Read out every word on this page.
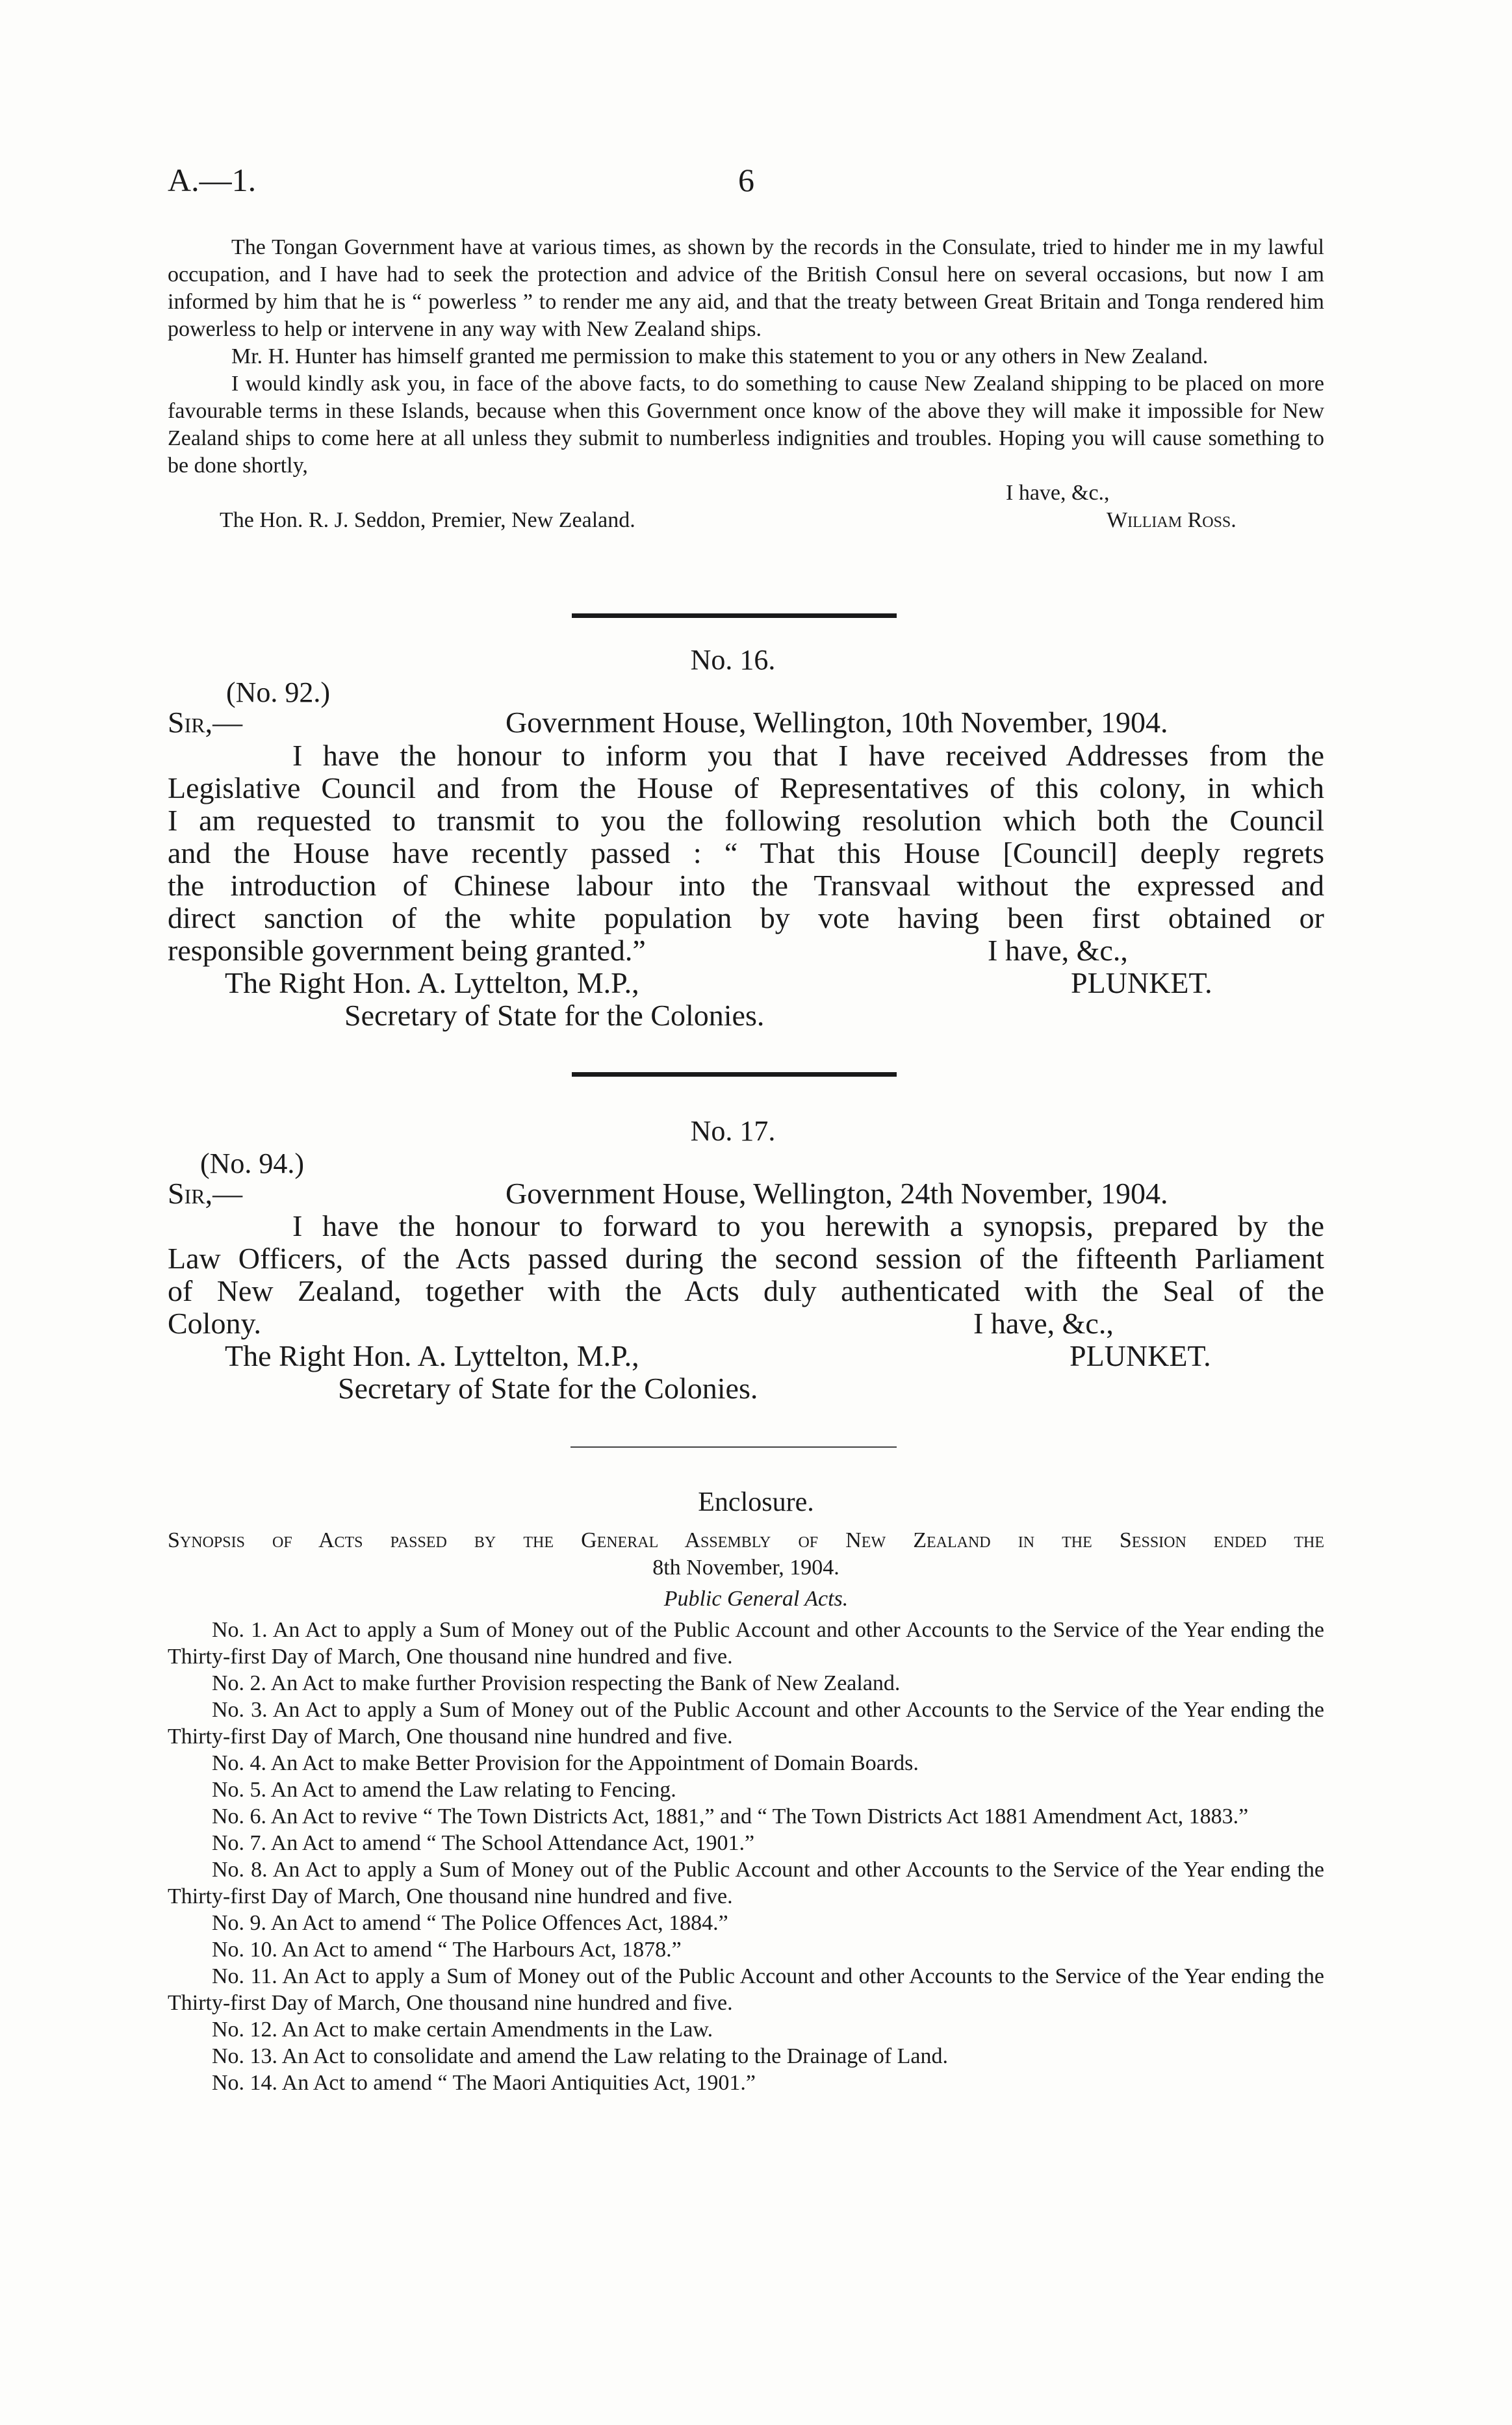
A.—1.	6

The Tongan Government have at various times, as shown by the records in the Consulate, tried to hinder me in my lawful occupation, and I have had to seek the protection and advice of the British Consul here on several occasions, but now I am informed by him that he is “ powerless ” to render me any aid, and that the treaty between Great Britain and Tonga rendered him powerless to help or intervene in any way with New Zealand ships.

Mr. H. Hunter has himself granted me permission to make this statement to you or any others in New Zealand.

I would kindly ask you, in face of the above facts, to do something to cause New Zealand shipping to be placed on more favourable terms in these Islands, because when this Government once know of the above they will make it impossible for New Zealand ships to come here at all unless they submit to numberless indignities and troubles. Hoping you will cause something to be done shortly,

I have, &c.,
The Hon. R. J. Seddon, Premier, New Zealand.	William Ross.
No. 16.
(No. 92.)
Sir,—	Government House, Wellington, 10th November, 1904.
I have the honour to inform you that I have received Addresses from the
Legislative Council and from the House of Representatives of this colony, in which
I am requested to transmit to you the following resolution which both the Council
and the House have recently passed : “ That this House [Council] deeply regrets
the introduction of Chinese labour into the Transvaal without the expressed and
direct sanction of the white population by vote having been first obtained or
responsible government being granted.”	I have, &c.,
The Right Hon. A. Lyttelton, M.P.,	PLUNKET.
Secretary of State for the Colonies.
No. 17.
(No. 94.)
Sir,—	Government House, Wellington, 24th November, 1904.
I have the honour to forward to you herewith a synopsis, prepared by the
Law Officers, of the Acts passed during the second session of the fifteenth Parliament
of New Zealand, together with the Acts duly authenticated with the Seal of the
Colony.	I have, &c.,
The Right Hon. A. Lyttelton, M.P.,	PLUNKET.
Secretary of State for the Colonies.
Enclosure.

Synopsis of Acts passed by the General Assembly of New Zealand in the Session ended the

8th November, 1904.

Public General Acts.

No. 1. An Act to apply a Sum of Money out of the Public Account and other Accounts to the Service of the Year ending the Thirty-first Day of March, One thousand nine hundred and five.

No. 2. An Act to make further Provision respecting the Bank of New Zealand.

No. 3. An Act to apply a Sum of Money out of the Public Account and other Accounts to the Service of the Year ending the Thirty-first Day of March, One thousand nine hundred and five.

No. 4. An Act to make Better Provision for the Appointment of Domain Boards.

No. 5. An Act to amend the Law relating to Fencing.

No. 6. An Act to revive “ The Town Districts Act, 1881,” and “ The Town Districts Act 1881 Amendment Act, 1883.”

No. 7. An Act to amend “ The School Attendance Act, 1901.”

No. 8. An Act to apply a Sum of Money out of the Public Account and other Accounts to the Service of the Year ending the Thirty-first Day of March, One thousand nine hundred and five.

No. 9. An Act to amend “ The Police Offences Act, 1884.”

No. 10. An Act to amend “ The Harbours Act, 1878.”

No. 11. An Act to apply a Sum of Money out of the Public Account and other Accounts to the Service of the Year ending the Thirty-first Day of March, One thousand nine hundred and five.

No. 12. An Act to make certain Amendments in the Law.

No. 13. An Act to consolidate and amend the Law relating to the Drainage of Land.

No. 14. An Act to amend “ The Maori Antiquities Act, 1901.”
